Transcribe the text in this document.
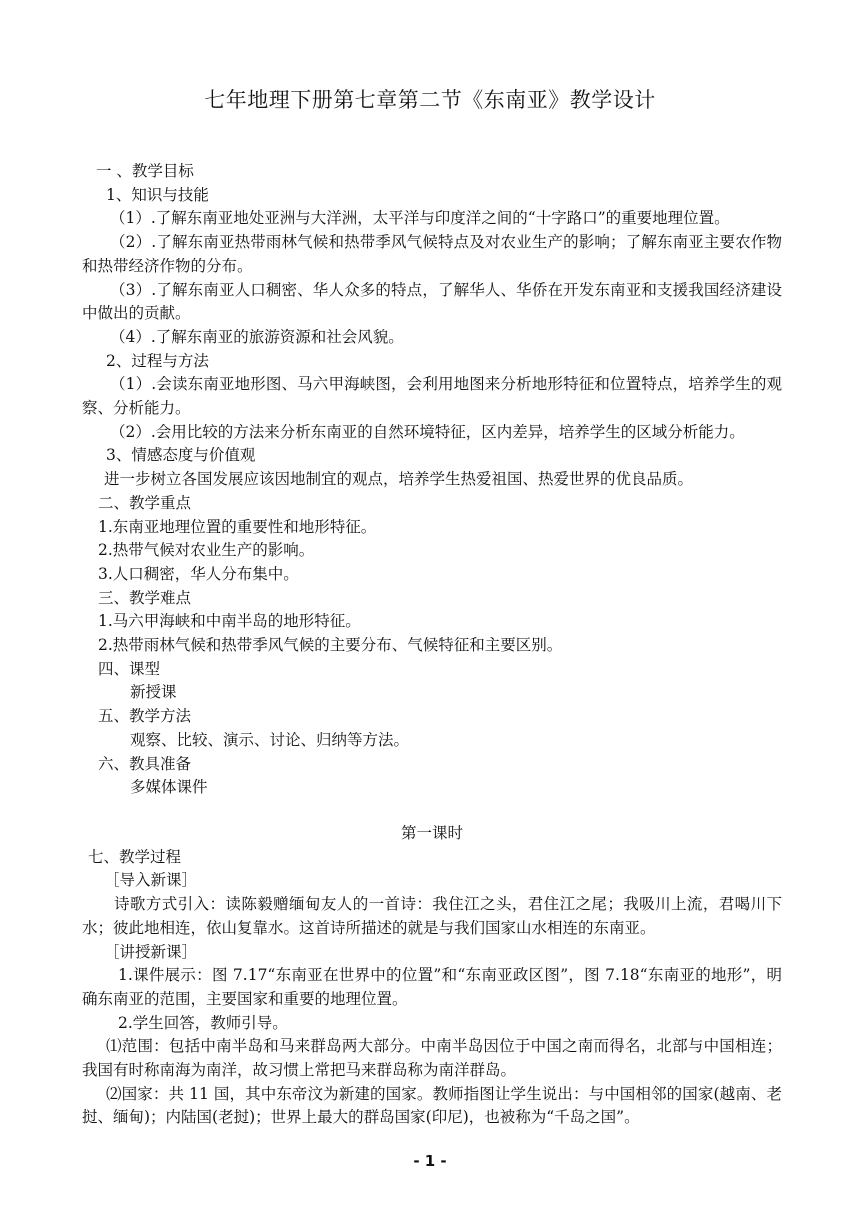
七年地理下册第七章第二节《东南亚》教学设计

一 、教学目标

1、知识与技能

（1）.了解东南亚地处亚洲与大洋洲，太平洋与印度洋之间的“十字路口”的重要地理位置。

（2）.了解东南亚热带雨林气候和热带季风气候特点及对农业生产的影响；了解东南亚主要农作物和热带经济作物的分布。

（3）.了解东南亚人口稠密、华人众多的特点，了解华人、华侨在开发东南亚和支援我国经济建设中做出的贡献。

（4）.了解东南亚的旅游资源和社会风貌。

2、过程与方法

（1）.会读东南亚地形图、马六甲海峡图，会利用地图来分析地形特征和位置特点，培养学生的观察、分析能力。

（2）.会用比较的方法来分析东南亚的自然环境特征，区内差异，培养学生的区域分析能力。

3、情感态度与价值观

进一步树立各国发展应该因地制宜的观点，培养学生热爱祖国、热爱世界的优良品质。

二、教学重点

1.东南亚地理位置的重要性和地形特征。

2.热带气候对农业生产的影响。

3.人口稠密，华人分布集中。

三、教学难点

1.马六甲海峡和中南半岛的地形特征。

2.热带雨林气候和热带季风气候的主要分布、气候特征和主要区别。

四、课型

新授课

五、教学方法

观察、比较、演示、讨论、归纳等方法。

六、教具准备

多媒体课件

第一课时

七、教学过程

［导入新课］

诗歌方式引入：读陈毅赠缅甸友人的一首诗：我住江之头，君住江之尾；我吸川上流，君喝川下水；彼此地相连，依山复靠水。这首诗所描述的就是与我们国家山水相连的东南亚。

［讲授新课］

1.课件展示：图 7.17“东南亚在世界中的位置”和“东南亚政区图”，图 7.18“东南亚的地形”，明确东南亚的范围，主要国家和重要的地理位置。

2.学生回答，教师引导。

⑴范围：包括中南半岛和马来群岛两大部分。中南半岛因位于中国之南而得名，北部与中国相连；我国有时称南海为南洋，故习惯上常把马来群岛称为南洋群岛。

⑵国家：共 11 国，其中东帝汶为新建的国家。教师指图让学生说出：与中国相邻的国家(越南、老挝、缅甸)；内陆国(老挝)；世界上最大的群岛国家(印尼)，也被称为“千岛之国”。

- 1 -
